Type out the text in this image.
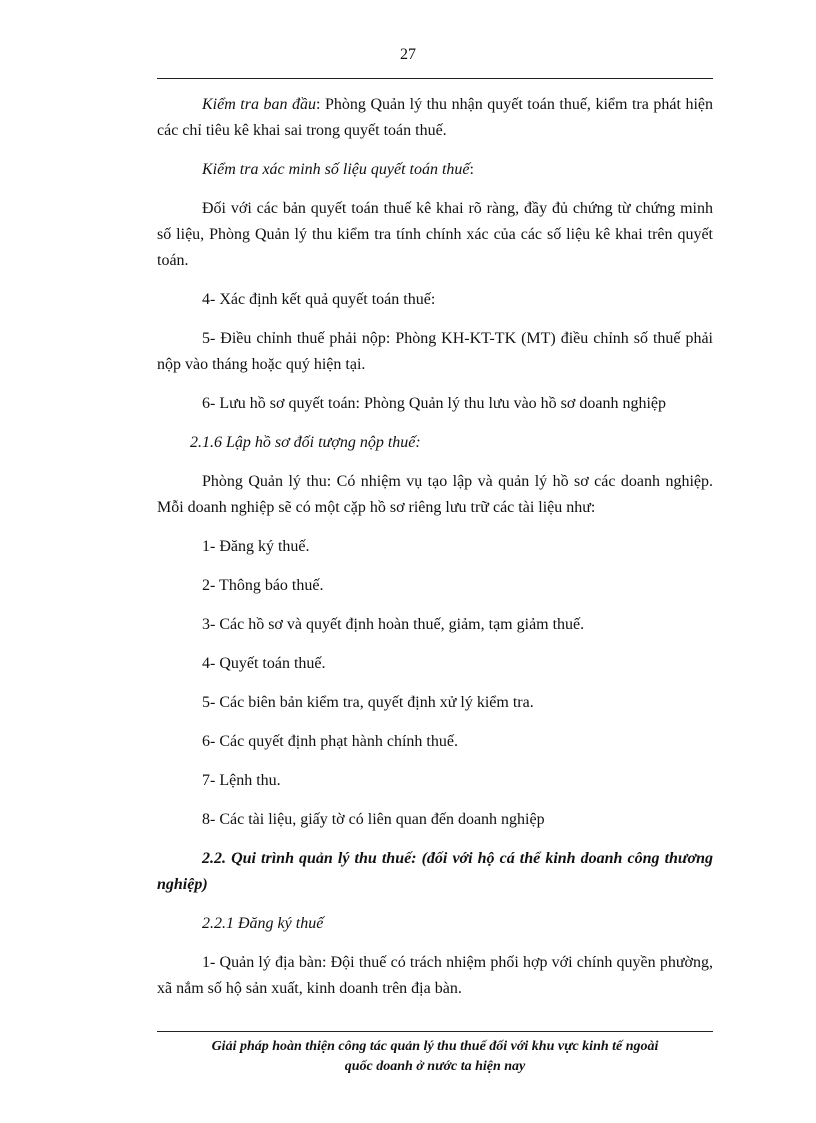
27

Kiểm tra ban đầu: Phòng Quản lý thu nhận quyết toán thuế, kiểm tra phát hiện các chỉ tiêu kê khai sai trong quyết toán thuế.

Kiểm tra xác minh số liệu quyết toán thuế:

Đối với các bản quyết toán thuế kê khai rõ ràng, đầy đủ chứng từ chứng minh số liệu, Phòng Quản lý thu kiểm tra tính chính xác của các số liệu kê khai trên quyết toán.

4- Xác định kết quả quyết toán thuế:

5- Điều chỉnh thuế phải nộp: Phòng KH-KT-TK (MT) điều chỉnh số thuế phải nộp vào tháng hoặc quý hiện tại.

6- Lưu hồ sơ quyết toán: Phòng Quản lý thu lưu vào hồ sơ doanh nghiệp

2.1.6 Lập hồ sơ đối tượng nộp thuế:

Phòng Quản lý thu: Có nhiệm vụ tạo lập và quản lý hồ sơ các doanh nghiệp. Mỗi doanh nghiệp sẽ có một cặp hồ sơ riêng lưu trữ các tài liệu như:

1- Đăng ký thuế.

2- Thông báo thuế.

3- Các hồ sơ và quyết định hoàn thuế, giảm, tạm giảm thuế.

4- Quyết toán thuế.

5- Các biên bản kiểm tra, quyết định xử lý kiểm tra.

6- Các quyết định phạt hành chính thuế.

7- Lệnh thu.

8- Các tài liệu, giấy tờ có liên quan đến doanh nghiệp

2.2. Qui trình quản lý thu thuế: (đối với hộ cá thể kinh doanh công thương nghiệp)

2.2.1 Đăng ký thuế

1- Quản lý địa bàn: Đội thuế có trách nhiệm phối hợp với chính quyền phường, xã nắm số hộ sản xuất, kinh doanh trên địa bàn.

Giải pháp hoàn thiện công tác quản lý thu thuế đối với khu vực kinh tế ngoài
quốc doanh ở nước ta hiện nay
